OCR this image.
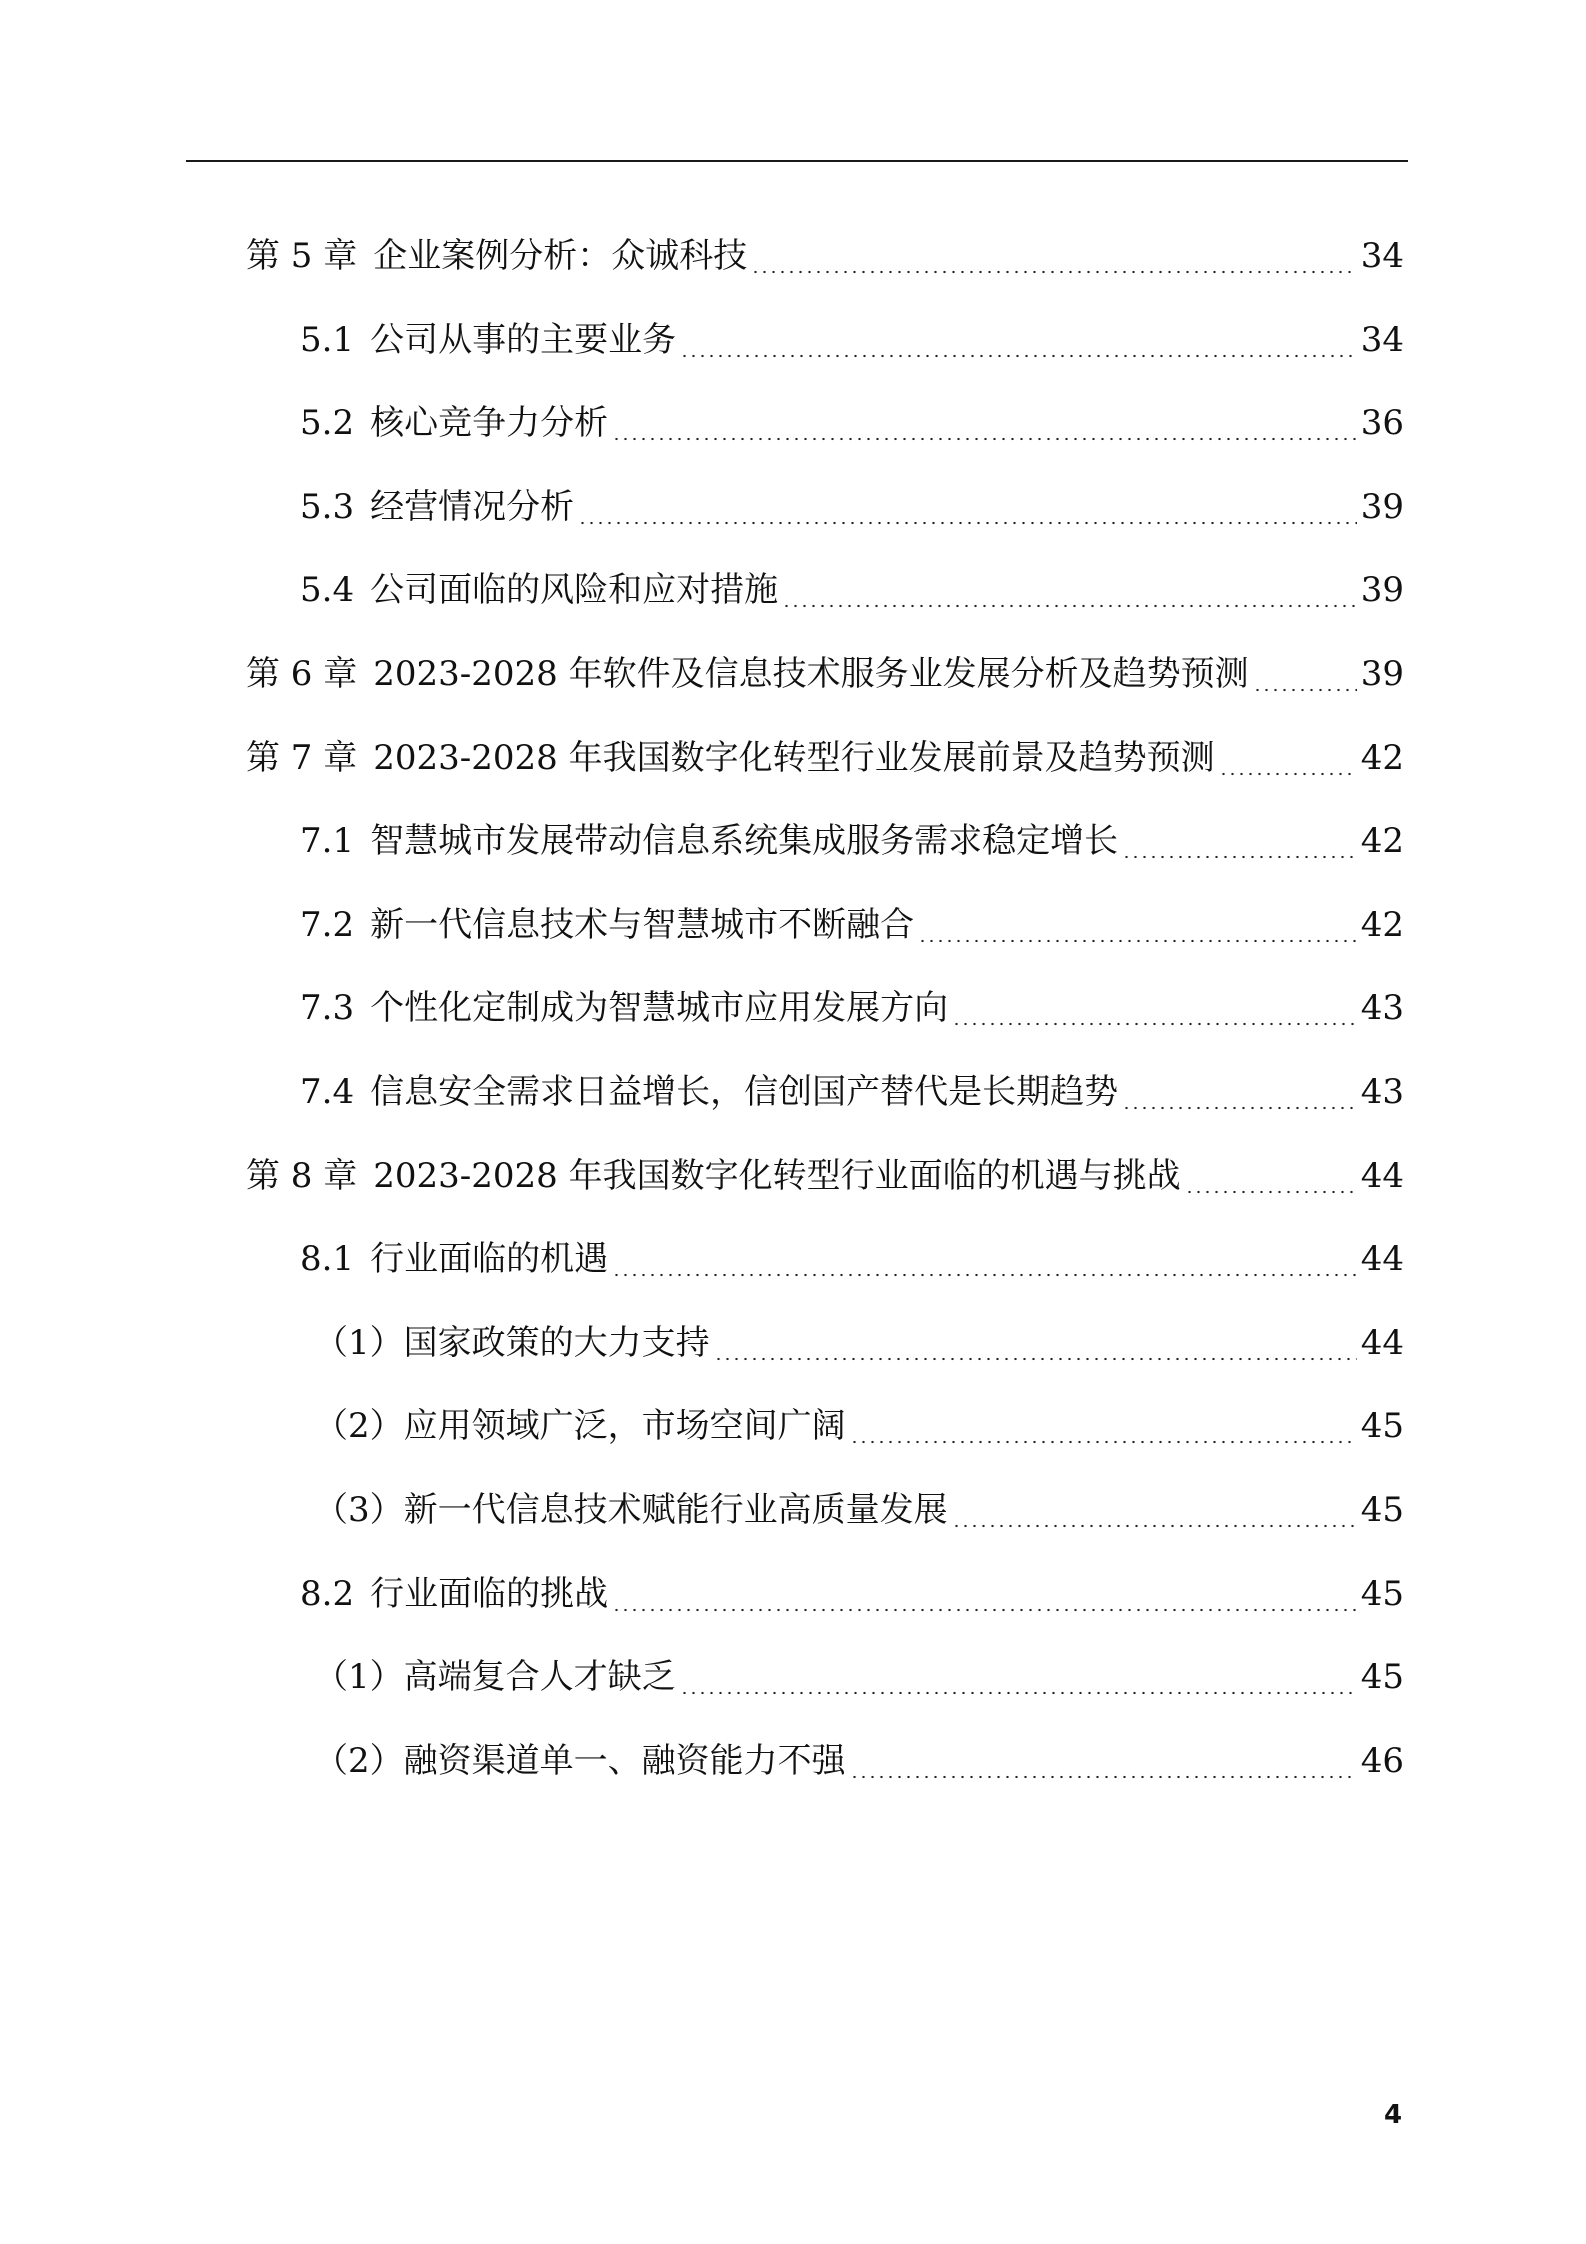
第 5 章 企业案例分析：众诚科技	34
5.1 公司从事的主要业务	34
5.2 核心竞争力分析	36
5.3 经营情况分析	39
5.4 公司面临的风险和应对措施	39
第 6 章 2023-2028 年软件及信息技术服务业发展分析及趋势预测	39
第 7 章 2023-2028 年我国数字化转型行业发展前景及趋势预测	42
7.1 智慧城市发展带动信息系统集成服务需求稳定增长	42
7.2 新一代信息技术与智慧城市不断融合	42
7.3 个性化定制成为智慧城市应用发展方向	43
7.4 信息安全需求日益增长，信创国产替代是长期趋势	43
第 8 章 2023-2028 年我国数字化转型行业面临的机遇与挑战	44
8.1 行业面临的机遇	44
（1） 国家政策的大力支持	44
（2） 应用领域广泛，市场空间广阔	45
（3） 新一代信息技术赋能行业高质量发展	45
8.2 行业面临的挑战	45
（1） 高端复合人才缺乏	45
（2） 融资渠道单一、融资能力不强	46
4
